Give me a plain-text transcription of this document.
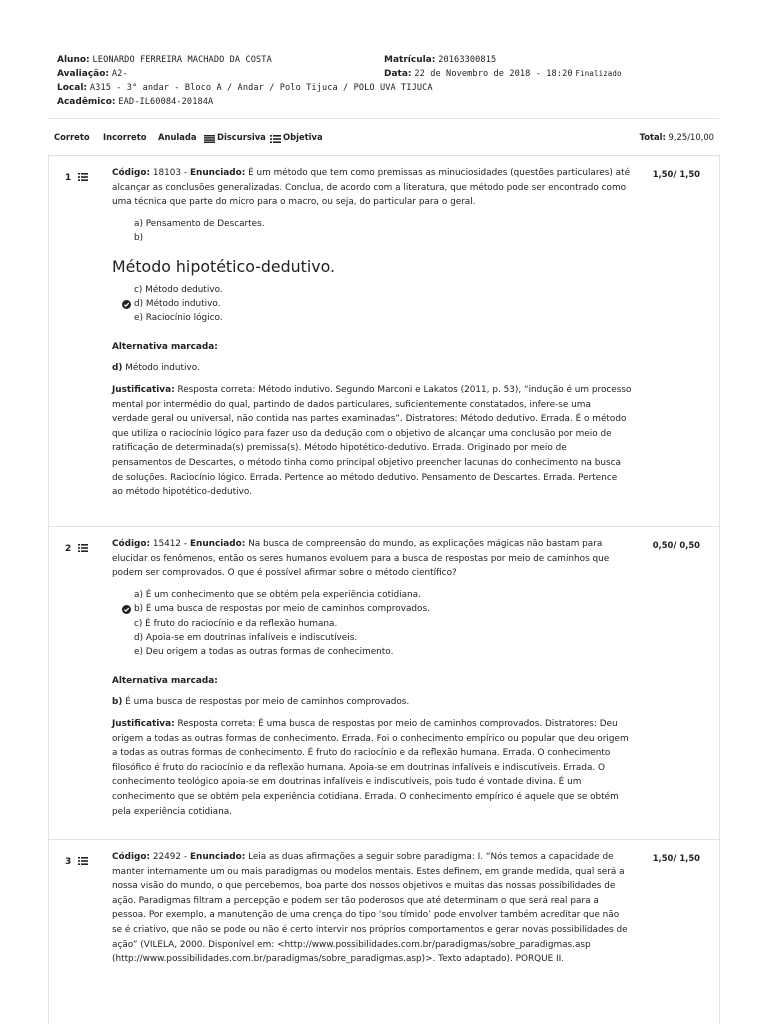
Aluno: LEONARDO FERREIRA MACHADO DA COSTA	Matrícula: 20163300815
Avaliação: A2-	Data: 22 de Novembro de 2018 - 18:20 Finalizado
Local: A315 - 3° andar - Bloco A / Andar / Polo Tijuca / POLO UVA TIJUCA
Acadêmico: EAD-IL60084-20184A
Correto Incorreto Anulada	Discursiva	Objetiva	Total: 9,25/10,00
1	1,50/ 1,50
Código: 18103 - Enunciado: É um método que tem como premissas as minuciosidades (questões particulares) até
alcançar as conclusões generalizadas. Conclua, de acordo com a literatura, que método pode ser encontrado como
uma técnica que parte do micro para o macro, ou seja, do particular para o geral.
a) Pensamento de Descartes.
b)
Método hipotético-dedutivo.
c) Método dedutivo.
d) Método indutivo.
e) Raciocínio lógico.
Alternativa marcada:
d) Método indutivo.
Justificativa: Resposta correta: Método indutivo. Segundo Marconi e Lakatos (2011, p. 53), “indução é um processo
mental por intermédio do qual, partindo de dados particulares, suficientemente constatados, infere-se uma
verdade geral ou universal, não contida nas partes examinadas”. Distratores: Método dedutivo. Errada. É o método
que utiliza o raciocínio lógico para fazer uso da dedução com o objetivo de alcançar uma conclusão por meio de
ratificação de determinada(s) premissa(s). Método hipotético-dedutivo. Errada. Originado por meio de
pensamentos de Descartes, o método tinha como principal objetivo preencher lacunas do conhecimento na busca
de soluções. Raciocínio lógico. Errada. Pertence ao método dedutivo. Pensamento de Descartes. Errada. Pertence
ao método hipotético-dedutivo.
2	0,50/ 0,50
Código: 15412 - Enunciado: Na busca de compreensão do mundo, as explicações mágicas não bastam para
elucidar os fenômenos, então os seres humanos evoluem para a busca de respostas por meio de caminhos que
podem ser comprovados. O que é possível afirmar sobre o método científico?
a) É um conhecimento que se obtém pela experiência cotidiana.
b) É uma busca de respostas por meio de caminhos comprovados.
c) É fruto do raciocínio e da reflexão humana.
d) Apoia-se em doutrinas infalíveis e indiscutíveis.
e) Deu origem a todas as outras formas de conhecimento.
Alternativa marcada:
b) É uma busca de respostas por meio de caminhos comprovados.
Justificativa: Resposta correta: É uma busca de respostas por meio de caminhos comprovados. Distratores: Deu
origem a todas as outras formas de conhecimento. Errada. Foi o conhecimento empírico ou popular que deu origem
a todas as outras formas de conhecimento. É fruto do raciocínio e da reflexão humana. Errada. O conhecimento
filosófico é fruto do raciocínio e da reflexão humana. Apoia-se em doutrinas infalíveis e indiscutíveis. Errada. O
conhecimento teológico apoia-se em doutrinas infalíveis e indiscutíveis, pois tudo é vontade divina. É um
conhecimento que se obtém pela experiência cotidiana. Errada. O conhecimento empírico é aquele que se obtém
pela experiência cotidiana.
3	1,50/ 1,50
Código: 22492 - Enunciado: Leia as duas afirmações a seguir sobre paradigma: I. “Nós temos a capacidade de
manter internamente um ou mais paradigmas ou modelos mentais. Estes definem, em grande medida, qual será a
nossa visão do mundo, o que percebemos, boa parte dos nossos objetivos e muitas das nossas possibilidades de
ação. Paradigmas filtram a percepção e podem ser tão poderosos que até determinam o que será real para a
pessoa. Por exemplo, a manutenção de uma crença do tipo ‘sou tímido’ pode envolver também acreditar que não
se é criativo, que não se pode ou não é certo intervir nos próprios comportamentos e gerar novas possibilidades de
ação” (VILELA, 2000. Disponível em: <http://www.possibilidades.com.br/paradigmas/sobre_paradigmas.asp
(http://www.possibilidades.com.br/paradigmas/sobre_paradigmas.asp)>. Texto adaptado). PORQUE II.
